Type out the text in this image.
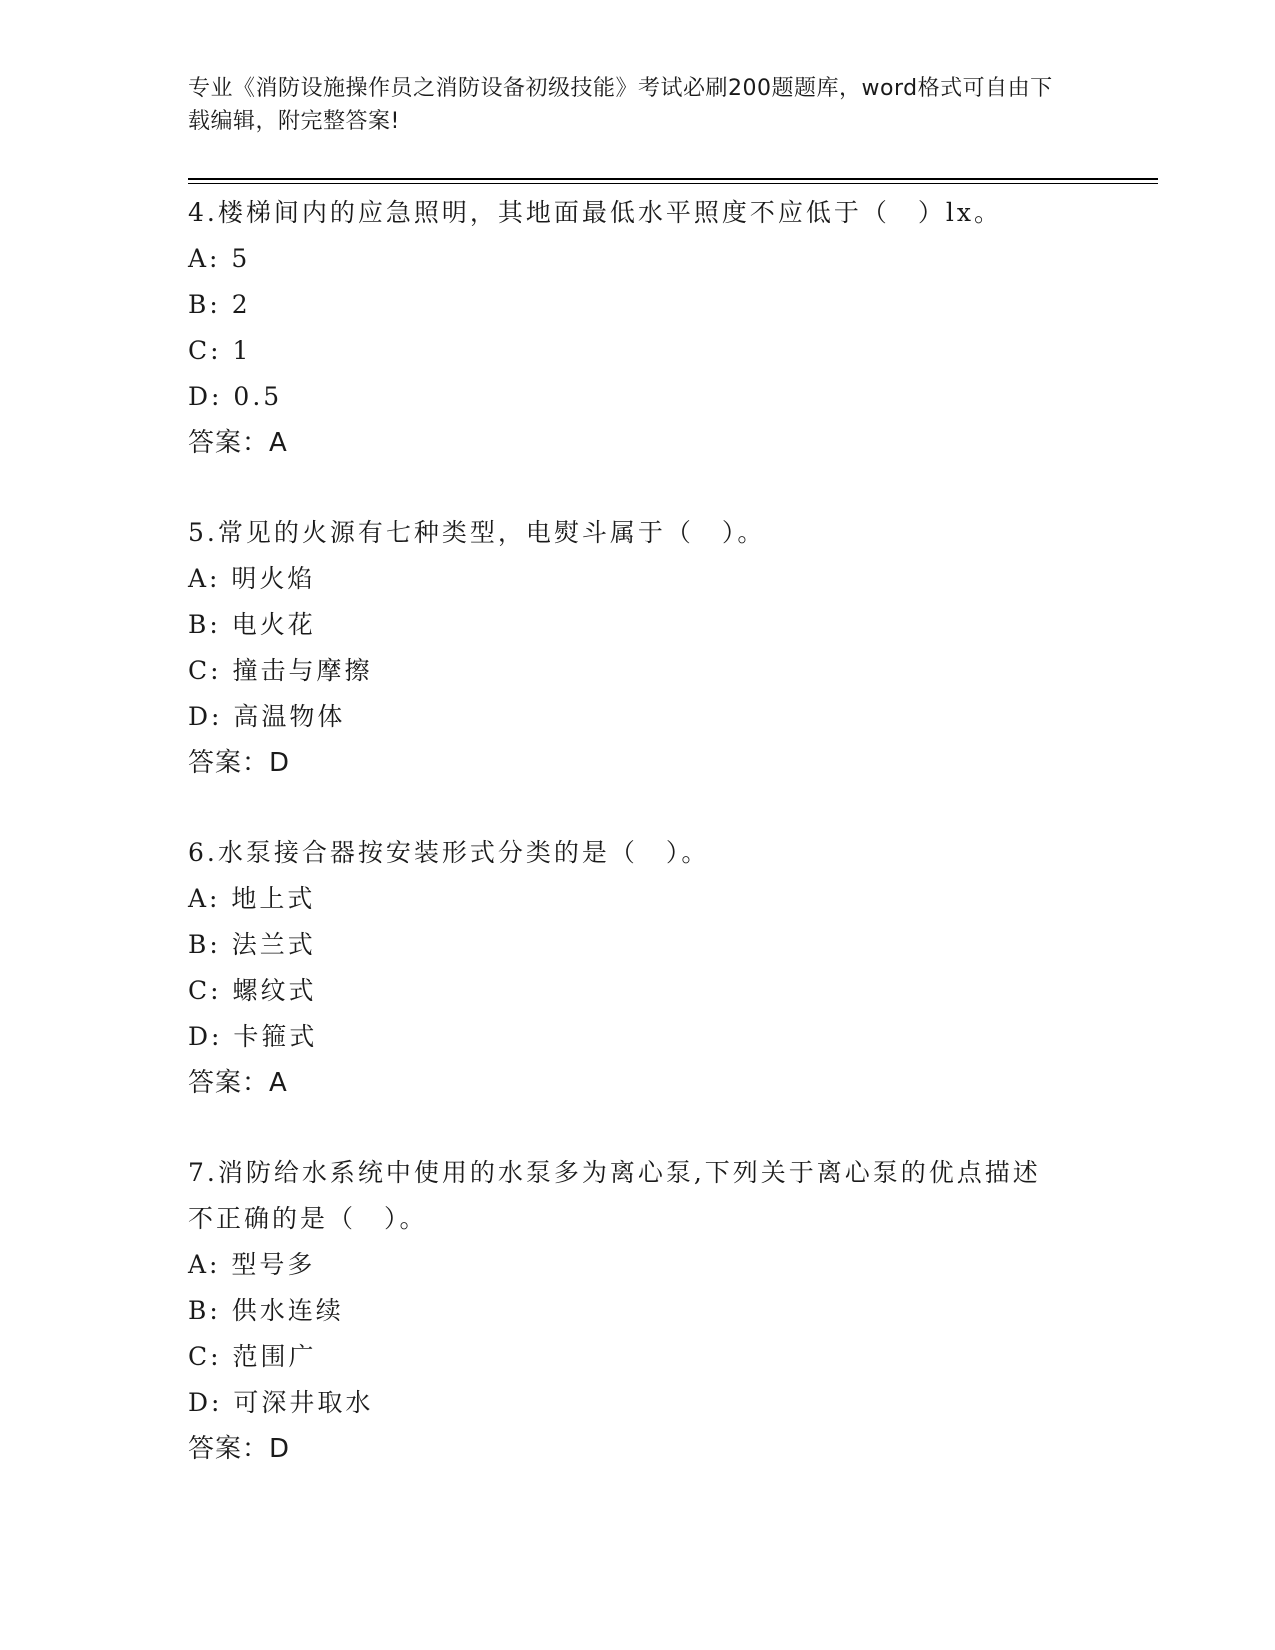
专业《消防设施操作员之消防设备初级技能》考试必刷200题题库，word格式可自由下载编辑，附完整答案!
4.楼梯间内的应急照明，其地面最低水平照度不应低于（　）lx。
A: 5
B: 2
C: 1
D: 0.5
答案：A
5.常见的火源有七种类型，电熨斗属于（　）。
A: 明火焰
B: 电火花
C: 撞击与摩擦
D: 高温物体
答案：D
6.水泵接合器按安装形式分类的是（　）。
A: 地上式
B: 法兰式
C: 螺纹式
D: 卡箍式
答案：A
7.消防给水系统中使用的水泵多为离心泵,下列关于离心泵的优点描述
不正确的是（　）。
A: 型号多
B: 供水连续
C: 范围广
D: 可深井取水
答案：D
